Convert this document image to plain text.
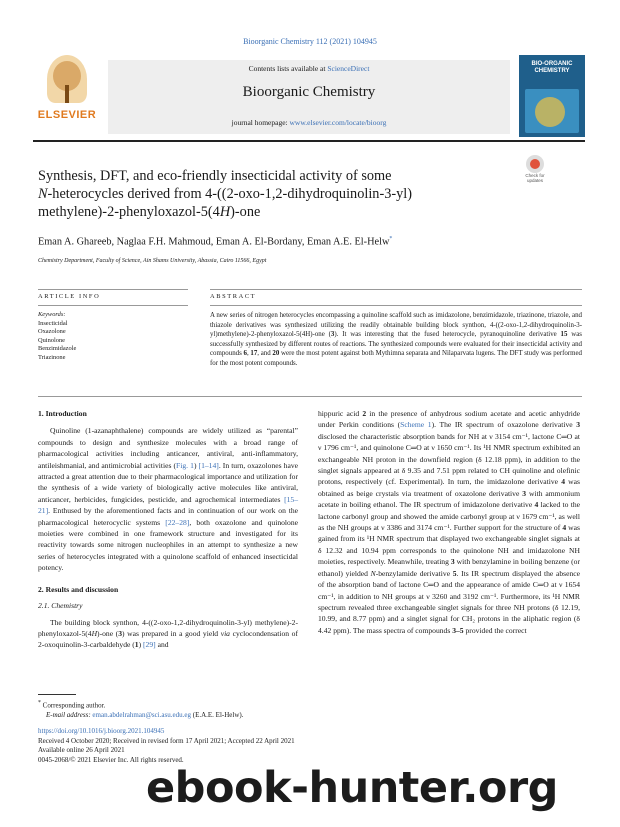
Bioorganic Chemistry 112 (2021) 104945
ELSEVIER
Contents lists available at ScienceDirect
Bioorganic Chemistry
journal homepage: www.elsevier.com/locate/bioorg
BIO-ORGANIC
CHEMISTRY
Synthesis, DFT, and eco-friendly insecticidal activity of some
N-heterocycles derived from 4-((2-oxo-1,2-dihydroquinolin-3-yl)
methylene)-2-phenyloxazol-5(4H)-one
Check for
updates
Eman A. Ghareeb, Naglaa F.H. Mahmoud, Eman A. El-Bordany, Eman A.E. El-Helw*
Chemistry Department, Faculty of Science, Ain Shams University, Abassia, Cairo 11566, Egypt
ARTICLE INFO	ABSTRACT
Keywords:
Insecticidal
Oxazolone
Quinolone
Benzimidazole
Triazinone
A new series of nitrogen heterocycles encompassing a quinoline scaffold such as imidazolone, benzimidazole, triazinone, triazole, and thiazole derivatives was synthesized utilizing the readily obtainable building block synthon, 4-((2-oxo-1,2-dihydroquinolin-3-yl)methylene)-2-phenyloxazol-5(4H)-one (3). It was interesting that the fused heterocycle, pyranoquinoline derivative 15 was successfully synthesized by different routes of reactions. The synthesized compounds were evaluated for their insecticidal activity and compounds 6, 17, and 20 were the most potent against both Mythimna separata and Nilaparvata lugens. The DFT study was performed for the most potent compounds.
1. Introduction

Quinoline (1-azanaphthalene) compounds are widely utilized as “parental” compounds to design and synthesize molecules with a broad range of pharmacological activities including anticancer, antiviral, anti-inflammatory, antileishmanial, and antimicrobial activities (Fig. 1) [1–14]. In turn, oxazolones have attracted a great attention due to their pharmacological importance and utilization for the synthesis of a wide variety of biologically active molecules like antiviral, anticancer, herbicides, fungicides, pesticide, and agrochemical intermediates [15–21]. Enthused by the aforementioned facts and in continuation of our work on the pharmacological heterocyclic systems [22–28], both oxazolone and quinolone moieties were combined in one framework structure and investigated for its reactivity towards some nitrogen nucleophiles in an attempt to synthesize a new series of heterocycles integrated with a quinolone scaffold of enhanced insecticidal potency.

2. Results and discussion
2.1. Chemistry

The building block synthon, 4-((2-oxo-1,2-dihydroquinolin-3-yl) methylene)-2-phenyloxazol-5(4H)-one (3) was prepared in a good yield via cyclocondensation of 2-oxoquinolin-3-carbaldehyde (1) [29] and

hippuric acid 2 in the presence of anhydrous sodium acetate and acetic anhydride under Perkin conditions (Scheme 1). The IR spectrum of oxazolone derivative 3 disclosed the characteristic absorption bands for NH at ν 3154 cm⁻¹, lactone C═O at ν 1796 cm⁻¹, and quinolone C═O at ν 1650 cm⁻¹. Its ¹H NMR spectrum exhibited an exchangeable NH proton in the downfield region (δ 12.18 ppm), in addition to the singlet signals appeared at δ 9.35 and 7.51 ppm related to CH quinoline and olefinic protons, respectively (cf. Experimental). In turn, the imidazolone derivative 4 was obtained as beige crystals via treatment of oxazolone derivative 3 with ammonium acetate in boiling ethanol. The IR spectrum of imidazolone derivative 4 lacked to the lactone carbonyl group and showed the amide carbonyl group at ν 1679 cm⁻¹, as well as the NH groups at ν 3386 and 3174 cm⁻¹. Further support for the structure of 4 was gained from its ¹H NMR spectrum that displayed two exchangeable singlet signals at δ 12.32 and 10.94 ppm corresponds to the quinolone NH and imidazolone NH moieties, respectively. Meanwhile, treating 3 with benzylamine in boiling benzene (or ethanol) yielded N-benzylamide derivative 5. Its IR spectrum displayed the absence of the absorption band of lactone C═O and the appearance of amide C═O at ν 1654 cm⁻¹, in addition to NH groups at ν 3260 and 3192 cm⁻¹. Furthermore, its ¹H NMR spectrum revealed three exchangeable singlet signals for three NH protons (δ 12.19, 10.99, and 8.77 ppm) and a singlet signal for CH₂ protons in the aliphatic region (δ 4.42 ppm). The mass spectra of compounds 3–5 provided the correct

* Corresponding author.
E-mail address: eman.abdelrahman@sci.asu.edu.eg (E.A.E. El-Helw).
https://doi.org/10.1016/j.bioorg.2021.104945
Received 4 October 2020; Received in revised form 17 April 2021; Accepted 22 April 2021
Available online 26 April 2021
0045-2068/© 2021 Elsevier Inc. All rights reserved.
ebook-hunter.org
